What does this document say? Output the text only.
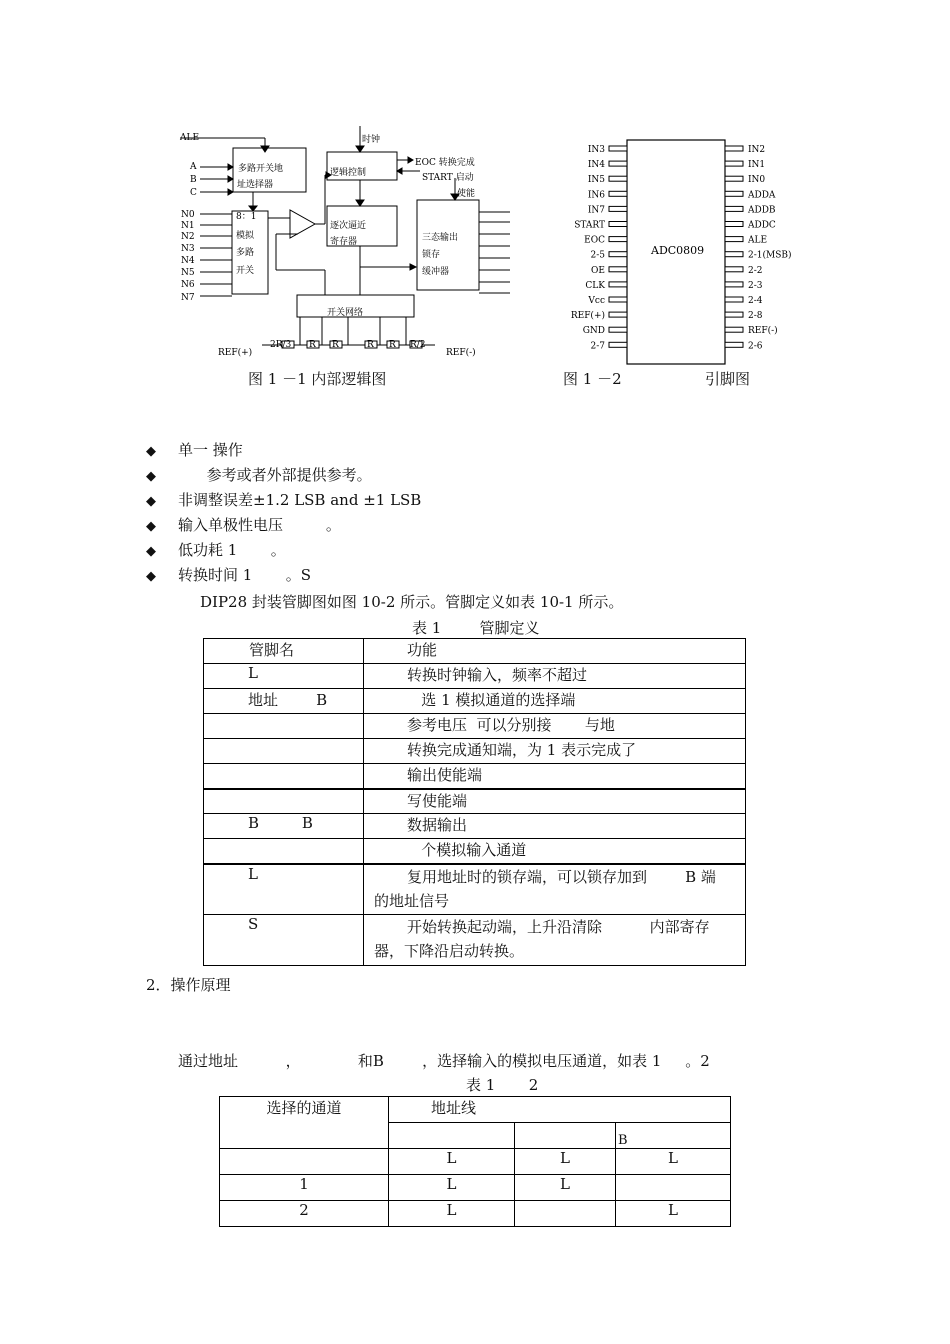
ALE
A
B
C
N0
N1
N2
N3
N4
N5
N6
N7
多路开关地
址选择器
8：1
模拟
多路
开关
时钟
逻辑控制
EOC 转换完成
START 启动
使能
逐次逼近
寄存器	三态输出
锁存
缓冲器
开关网络
2R/3 R R	R R R/2
REF(+)	REF(-)
图 1 －1 内部逻辑图
IN3
IN4
IN5
IN6
IN7
START
EOC
2-5
OE
CLK
Vcc
REF(+)
GND
2-7
IN2
IN1
IN0
ADDA
ADDB
ADDC
ALE
2-1(MSB)
2-2
2-3
2-4
2-8
REF(-)
2-6
ADC0809
图 1 －2	引脚图
◆ 单一 操作
◆      参考或者外部提供参考。
◆ 非调整误差±1.2 LSB and ±1 LSB
◆ 输入单极性电压         。
◆ 低功耗 1       。
◆ 转换时间 1       。S
DIP28 封装管脚图如图 10-2 所示。管脚定义如表 10-1 所示。
表 1        管脚定义
管脚名	功能
L	转换时钟输入，频率不超过
地址        B	选 1 模拟通道的选择端
	参考电压  可以分别接       与地
	转换完成通知端，为 1 表示完成了
	输出使能端
	写使能端
B         B	数据输出
	个模拟输入通道
L	复用地址时的锁存端，可以锁存加到        B 端
的地址信号

S	开始转换起动端，上升沿清除          内部寄存
器，下降沿启动转换。
2．操作原理
通过地址          ，            和B        ，选择输入的模拟电压通道，如表 1     。2
表 1       2
选择的通道	地址线		
			B
	L	L	L
1	L	L	
2	L		L
